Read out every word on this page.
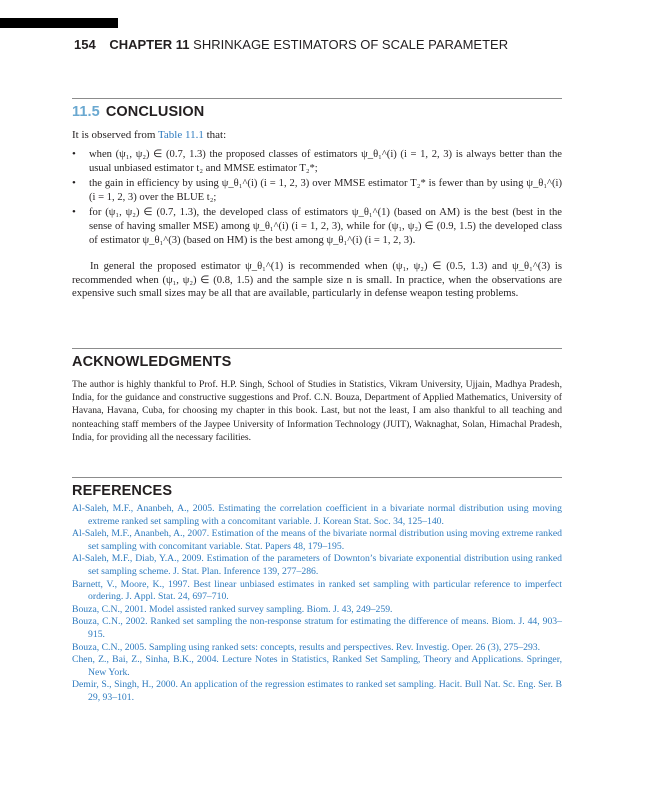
154 CHAPTER 11 SHRINKAGE ESTIMATORS OF SCALE PARAMETER
11.5 CONCLUSION
It is observed from Table 11.1 that:
• when (ψ₁, ψ₂) ∈ (0.7, 1.3) the proposed classes of estimators ψ_θ₁^(i) (i = 1, 2, 3) is always better than the usual unbiased estimator t₂ and MMSE estimator T₂*;
• the gain in efficiency by using ψ_θ₁^(i) (i = 1, 2, 3) over MMSE estimator T₂* is fewer than by using ψ_θ₁^(i) (i = 1, 2, 3) over the BLUE t₂;
• for (ψ₁, ψ₂) ∈ (0.7, 1.3), the developed class of estimators ψ_θ₁^(1) (based on AM) is the best (best in the sense of having smaller MSE) among ψ_θ₁^(i) (i = 1, 2, 3), while for (ψ₁, ψ₂) ∈ (0.9, 1.5) the developed class of estimator ψ_θ₁^(3) (based on HM) is the best among ψ_θ₁^(i) (i = 1, 2, 3).
In general the proposed estimator ψ_θ₁^(1) is recommended when (ψ₁, ψ₂) ∈ (0.5, 1.3) and ψ_θ₁^(3) is recommended when (ψ₁, ψ₂) ∈ (0.8, 1.5) and the sample size n is small. In practice, when the observations are expensive such small sizes may be all that are available, particularly in defense weapon testing problems.
ACKNOWLEDGMENTS
The author is highly thankful to Prof. H.P. Singh, School of Studies in Statistics, Vikram University, Ujjain, Madhya Pradesh, India, for the guidance and constructive suggestions and Prof. C.N. Bouza, Department of Applied Mathematics, University of Havana, Havana, Cuba, for choosing my chapter in this book. Last, but not the least, I am also thankful to all teaching and nonteaching staff members of the Jaypee University of Information Technology (JUIT), Waknaghat, Solan, Himachal Pradesh, India, for providing all the necessary facilities.
REFERENCES
Al-Saleh, M.F., Ananbeh, A., 2005. Estimating the correlation coefficient in a bivariate normal distribution using moving extreme ranked set sampling with a concomitant variable. J. Korean Stat. Soc. 34, 125–140.
Al-Saleh, M.F., Ananbeh, A., 2007. Estimation of the means of the bivariate normal distribution using moving extreme ranked set sampling with concomitant variable. Stat. Papers 48, 179–195.
Al-Saleh, M.F., Diab, Y.A., 2009. Estimation of the parameters of Downton’s bivariate exponential distribution using ranked set sampling scheme. J. Stat. Plan. Inference 139, 277–286.
Barnett, V., Moore, K., 1997. Best linear unbiased estimates in ranked set sampling with particular reference to imperfect ordering. J. Appl. Stat. 24, 697–710.
Bouza, C.N., 2001. Model assisted ranked survey sampling. Biom. J. 43, 249–259.
Bouza, C.N., 2002. Ranked set sampling the non-response stratum for estimating the difference of means. Biom. J. 44, 903–915.
Bouza, C.N., 2005. Sampling using ranked sets: concepts, results and perspectives. Rev. Investig. Oper. 26 (3), 275–293.
Chen, Z., Bai, Z., Sinha, B.K., 2004. Lecture Notes in Statistics, Ranked Set Sampling, Theory and Applications. Springer, New York.
Demir, S., Singh, H., 2000. An application of the regression estimates to ranked set sampling. Hacit. Bull Nat. Sc. Eng. Ser. B 29, 93–101.
